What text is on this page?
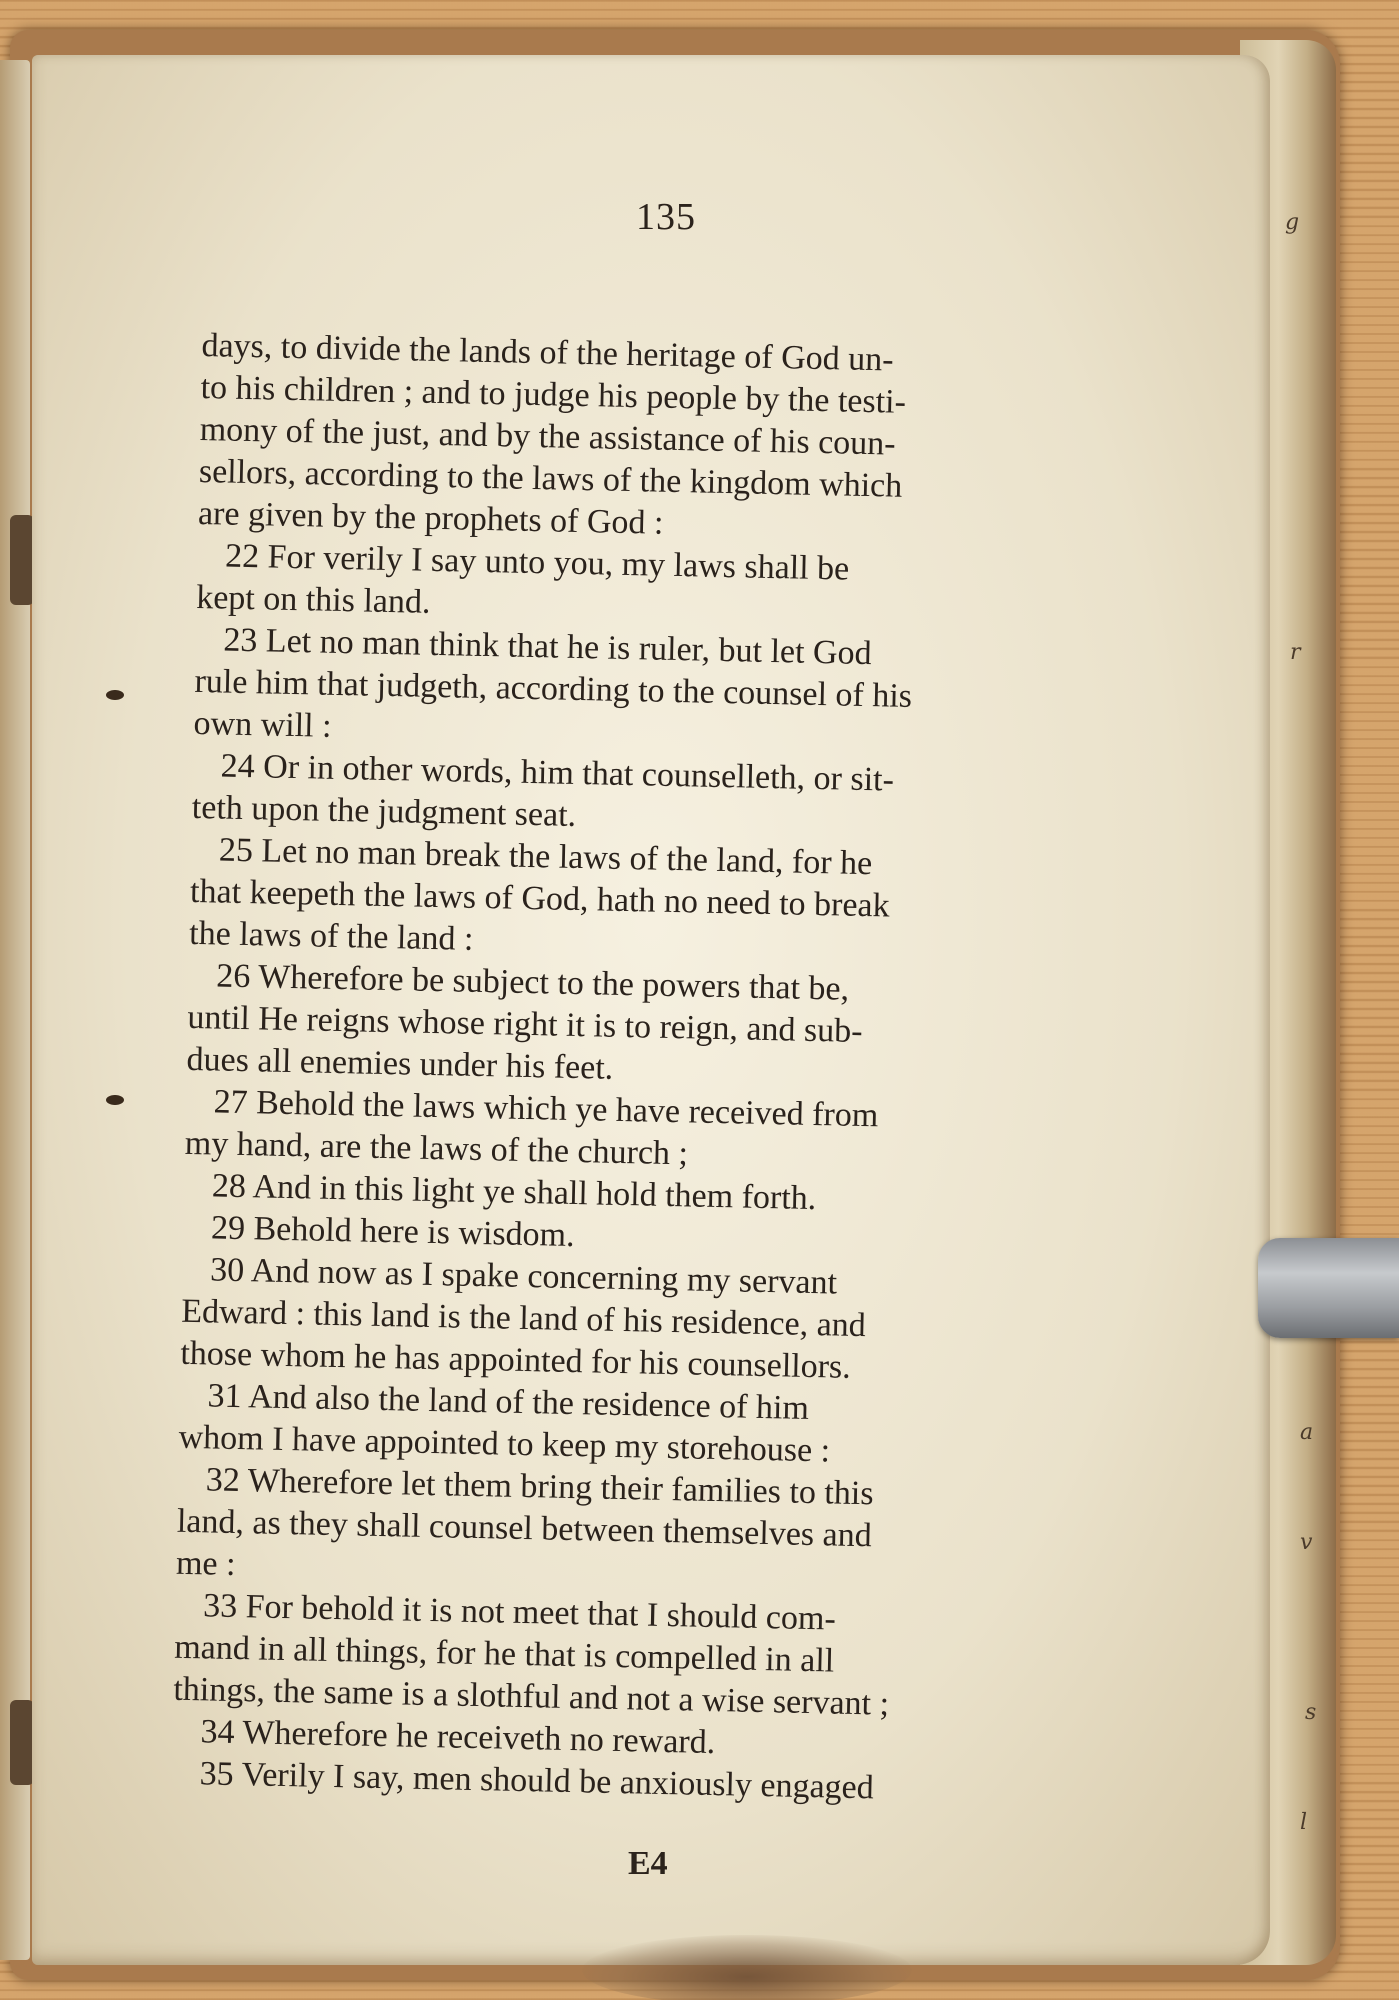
135
days, to divide the lands of the heritage of God un-
to his children ; and to judge his people by the testi-
mony of the just, and by the assistance of his coun-
sellors, according to the laws of the kingdom which
are given by the prophets of God :
22 For verily I say unto you, my laws shall be
kept on this land.
23 Let no man think that he is ruler, but let God
rule him that judgeth, according to the counsel of his
own will :
24 Or in other words, him that counselleth, or sit-
teth upon the judgment seat.
25 Let no man break the laws of the land, for he
that keepeth the laws of God, hath no need to break
the laws of the land :
26 Wherefore be subject to the powers that be,
until He reigns whose right it is to reign, and sub-
dues all enemies under his feet.
27 Behold the laws which ye have received from
my hand, are the laws of the church ;
28 And in this light ye shall hold them forth.
29 Behold here is wisdom.
30 And now as I spake concerning my servant
Edward : this land is the land of his residence, and
those whom he has appointed for his counsellors.
31 And also the land of the residence of him
whom I have appointed to keep my storehouse :
32 Wherefore let them bring their families to this
land, as they shall counsel between themselves and
me :
33 For behold it is not meet that I should com-
mand in all things, for he that is compelled in all
things, the same is a slothful and not a wise servant ;
34 Wherefore he receiveth no reward.
35 Verily I say, men should be anxiously engaged
E4
g
r
a
v
s
l
